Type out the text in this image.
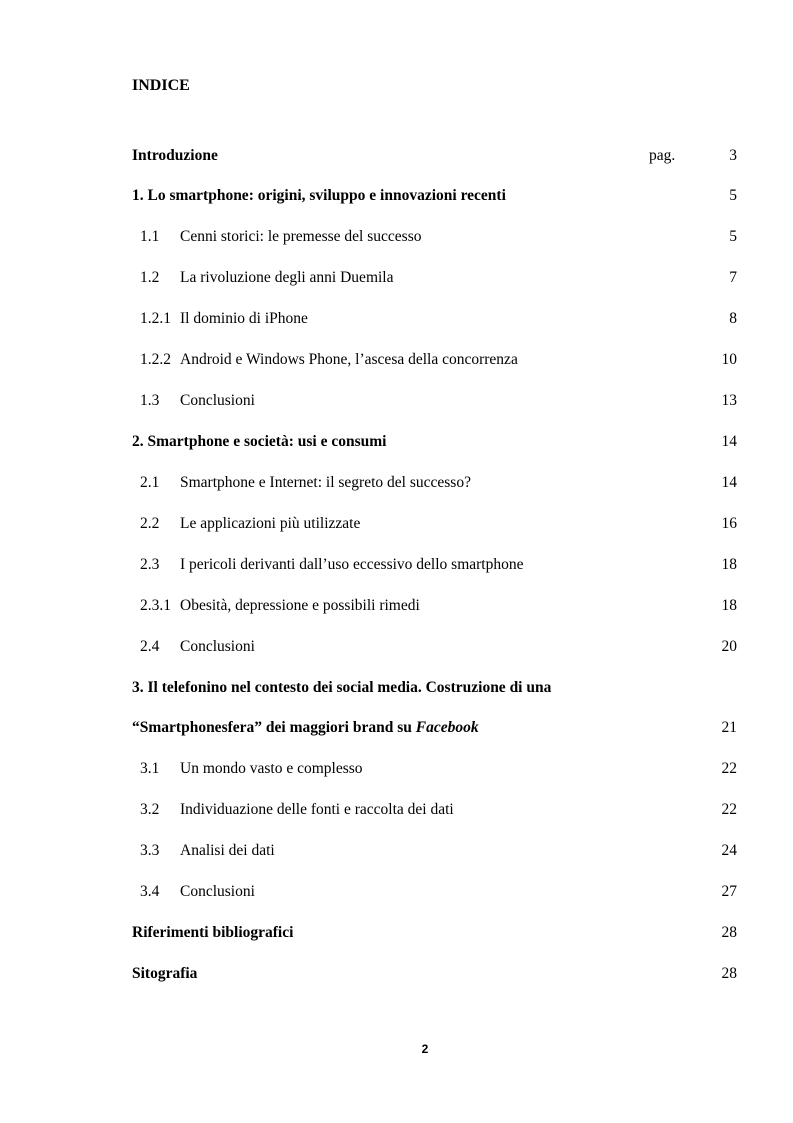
INDICE
Introduzione	pag.	3
1. Lo smartphone: origini, sviluppo e innovazioni recenti	5
1.1 Cenni storici: le premesse del successo	5
1.2 La rivoluzione degli anni Duemila	7
1.2.1 Il dominio di iPhone	8
1.2.2 Android e Windows Phone, l’ascesa della concorrenza	10
1.3 Conclusioni	13
2. Smartphone e società: usi e consumi	14
2.1 Smartphone e Internet: il segreto del successo?	14
2.2 Le applicazioni più utilizzate	16
2.3 I pericoli derivanti dall’uso eccessivo dello smartphone	18
2.3.1 Obesità, depressione e possibili rimedi	18
2.4 Conclusioni	20
3. Il telefonino nel contesto dei social media. Costruzione di una
“Smartphonesfera” dei maggiori brand su Facebook	21
3.1 Un mondo vasto e complesso	22
3.2 Individuazione delle fonti e raccolta dei dati	22
3.3 Analisi dei dati	24
3.4 Conclusioni	27
Riferimenti bibliografici	28
Sitografia	28
2
